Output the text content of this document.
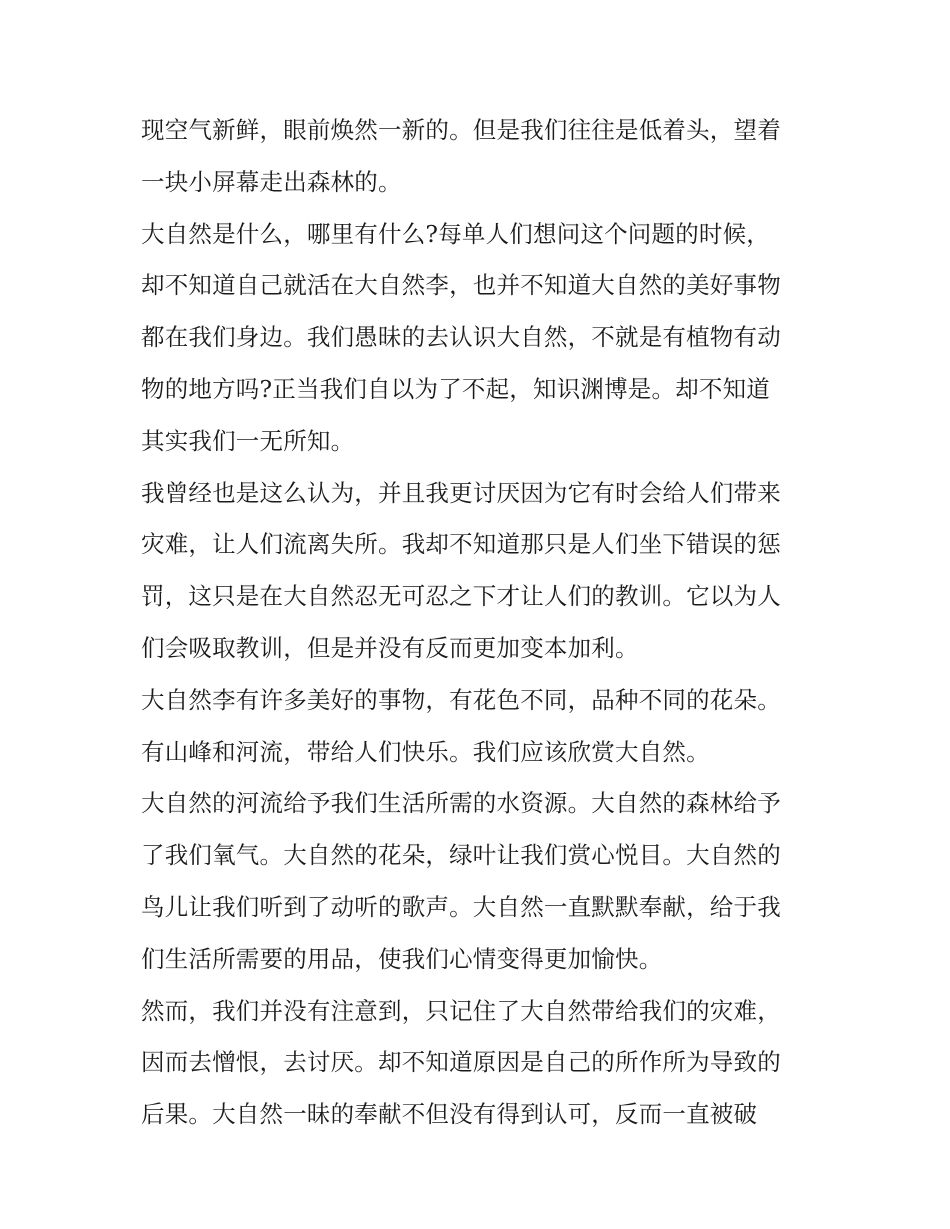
现空气新鲜，眼前焕然一新的。但是我们往往是低着头，望着
一块小屏幕走出森林的。
大自然是什么，哪里有什么?每单人们想问这个问题的时候，
却不知道自己就活在大自然李，也并不知道大自然的美好事物
都在我们身边。我们愚昧的去认识大自然，不就是有植物有动
物的地方吗?正当我们自以为了不起，知识渊博是。却不知道
其实我们一无所知。
我曾经也是这么认为，并且我更讨厌因为它有时会给人们带来
灾难，让人们流离失所。我却不知道那只是人们坐下错误的惩
罚，这只是在大自然忍无可忍之下才让人们的教训。它以为人
们会吸取教训，但是并没有反而更加变本加利。
大自然李有许多美好的事物，有花色不同，品种不同的花朵。
有山峰和河流，带给人们快乐。我们应该欣赏大自然。
大自然的河流给予我们生活所需的水资源。大自然的森林给予
了我们氧气。大自然的花朵，绿叶让我们赏心悦目。大自然的
鸟儿让我们听到了动听的歌声。大自然一直默默奉献，给于我
们生活所需要的用品，使我们心情变得更加愉快。
然而，我们并没有注意到，只记住了大自然带给我们的灾难，
因而去憎恨，去讨厌。却不知道原因是自己的所作所为导致的
后果。大自然一昧的奉献不但没有得到认可，反而一直被破
